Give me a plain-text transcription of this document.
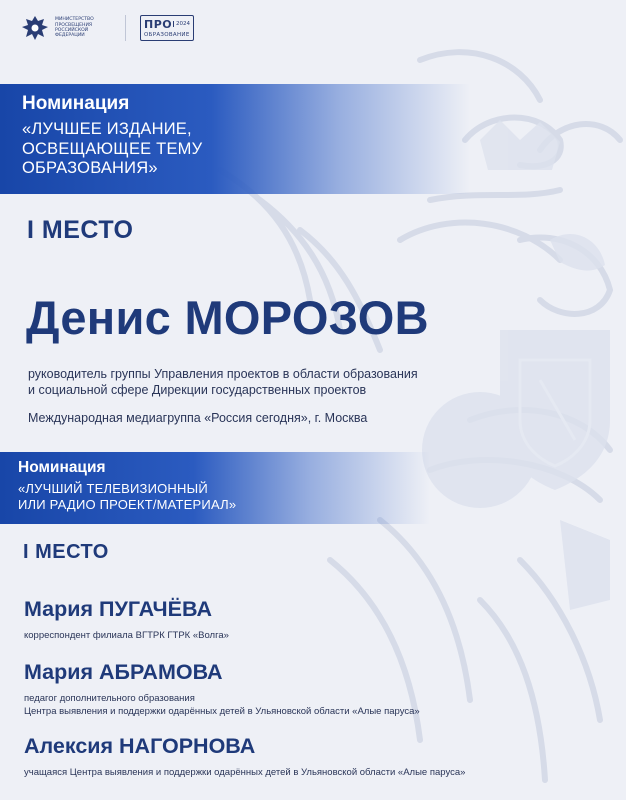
МИНИСТЕРСТВО
ПРОСВЕЩЕНИЯ
РОССИЙСКОЙ
ФЕДЕРАЦИИ
ПРО 2024
ОБРАЗОВАНИЕ
Номинация
«ЛУЧШЕЕ ИЗДАНИЕ,
ОСВЕЩАЮЩЕЕ ТЕМУ
ОБРАЗОВАНИЯ»
I МЕСТО
Денис МОРОЗОВ
руководитель группы Управления проектов в области образования
и социальной сфере Дирекции государственных проектов
Международная медиагруппа «Россия сегодня», г. Москва
Номинация
«ЛУЧШИЙ ТЕЛЕВИЗИОННЫЙ
ИЛИ РАДИО ПРОЕКТ/МАТЕРИАЛ»
I МЕСТО
Мария ПУГАЧЁВА
корреспондент филиала ВГТРК ГТРК «Волга»
Мария АБРАМОВА
педагог дополнительного образования
Центра выявления и поддержки одарённых детей в Ульяновской области «Алые паруса»
Алексия НАГОРНОВА
учащаяся Центра выявления и поддержки одарённых детей в Ульяновской области «Алые паруса»
